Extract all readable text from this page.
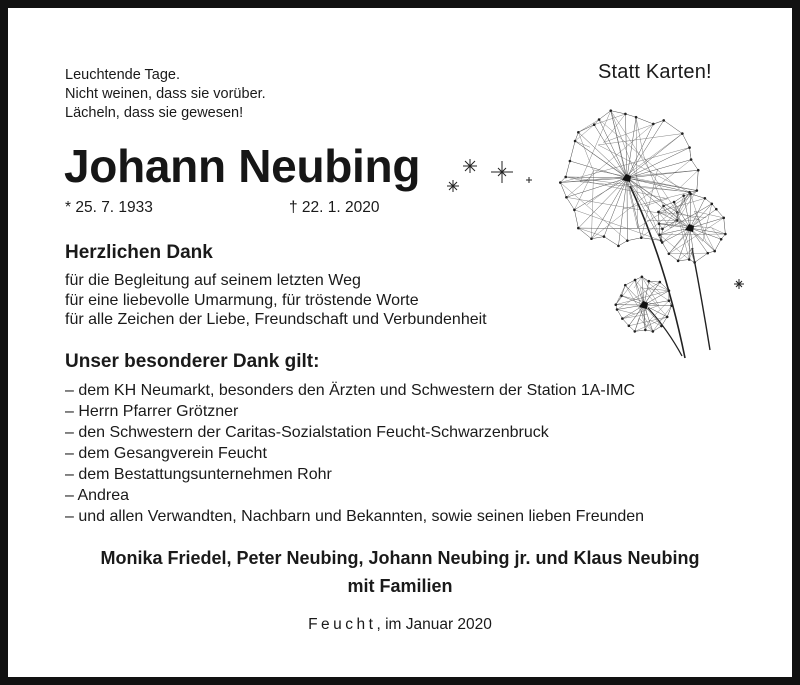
Leuchtende Tage.
Nicht weinen, dass sie vorüber.
Lächeln, dass sie gewesen!
Statt Karten!
Johann Neubing
* 25. 7. 1933	† 22. 1. 2020
Herzlichen Dank
für die Begleitung auf seinem letzten Weg
für eine liebevolle Umarmung, für tröstende Worte
für alle Zeichen der Liebe, Freundschaft und Verbundenheit
Unser besonderer Dank gilt:
– dem KH Neumarkt, besonders den Ärzten und Schwestern der Station 1A-IMC
– Herrn Pfarrer Grötzner
– den Schwestern der Caritas-Sozialstation Feucht-Schwarzenbruck
– dem Gesangverein Feucht
– dem Bestattungsunternehmen Rohr
– Andrea
– und allen Verwandten, Nachbarn und Bekannten, sowie seinen lieben Freunden
Monika Friedel, Peter Neubing, Johann Neubing jr. und Klaus Neubing
mit Familien
Feucht, im Januar 2020
